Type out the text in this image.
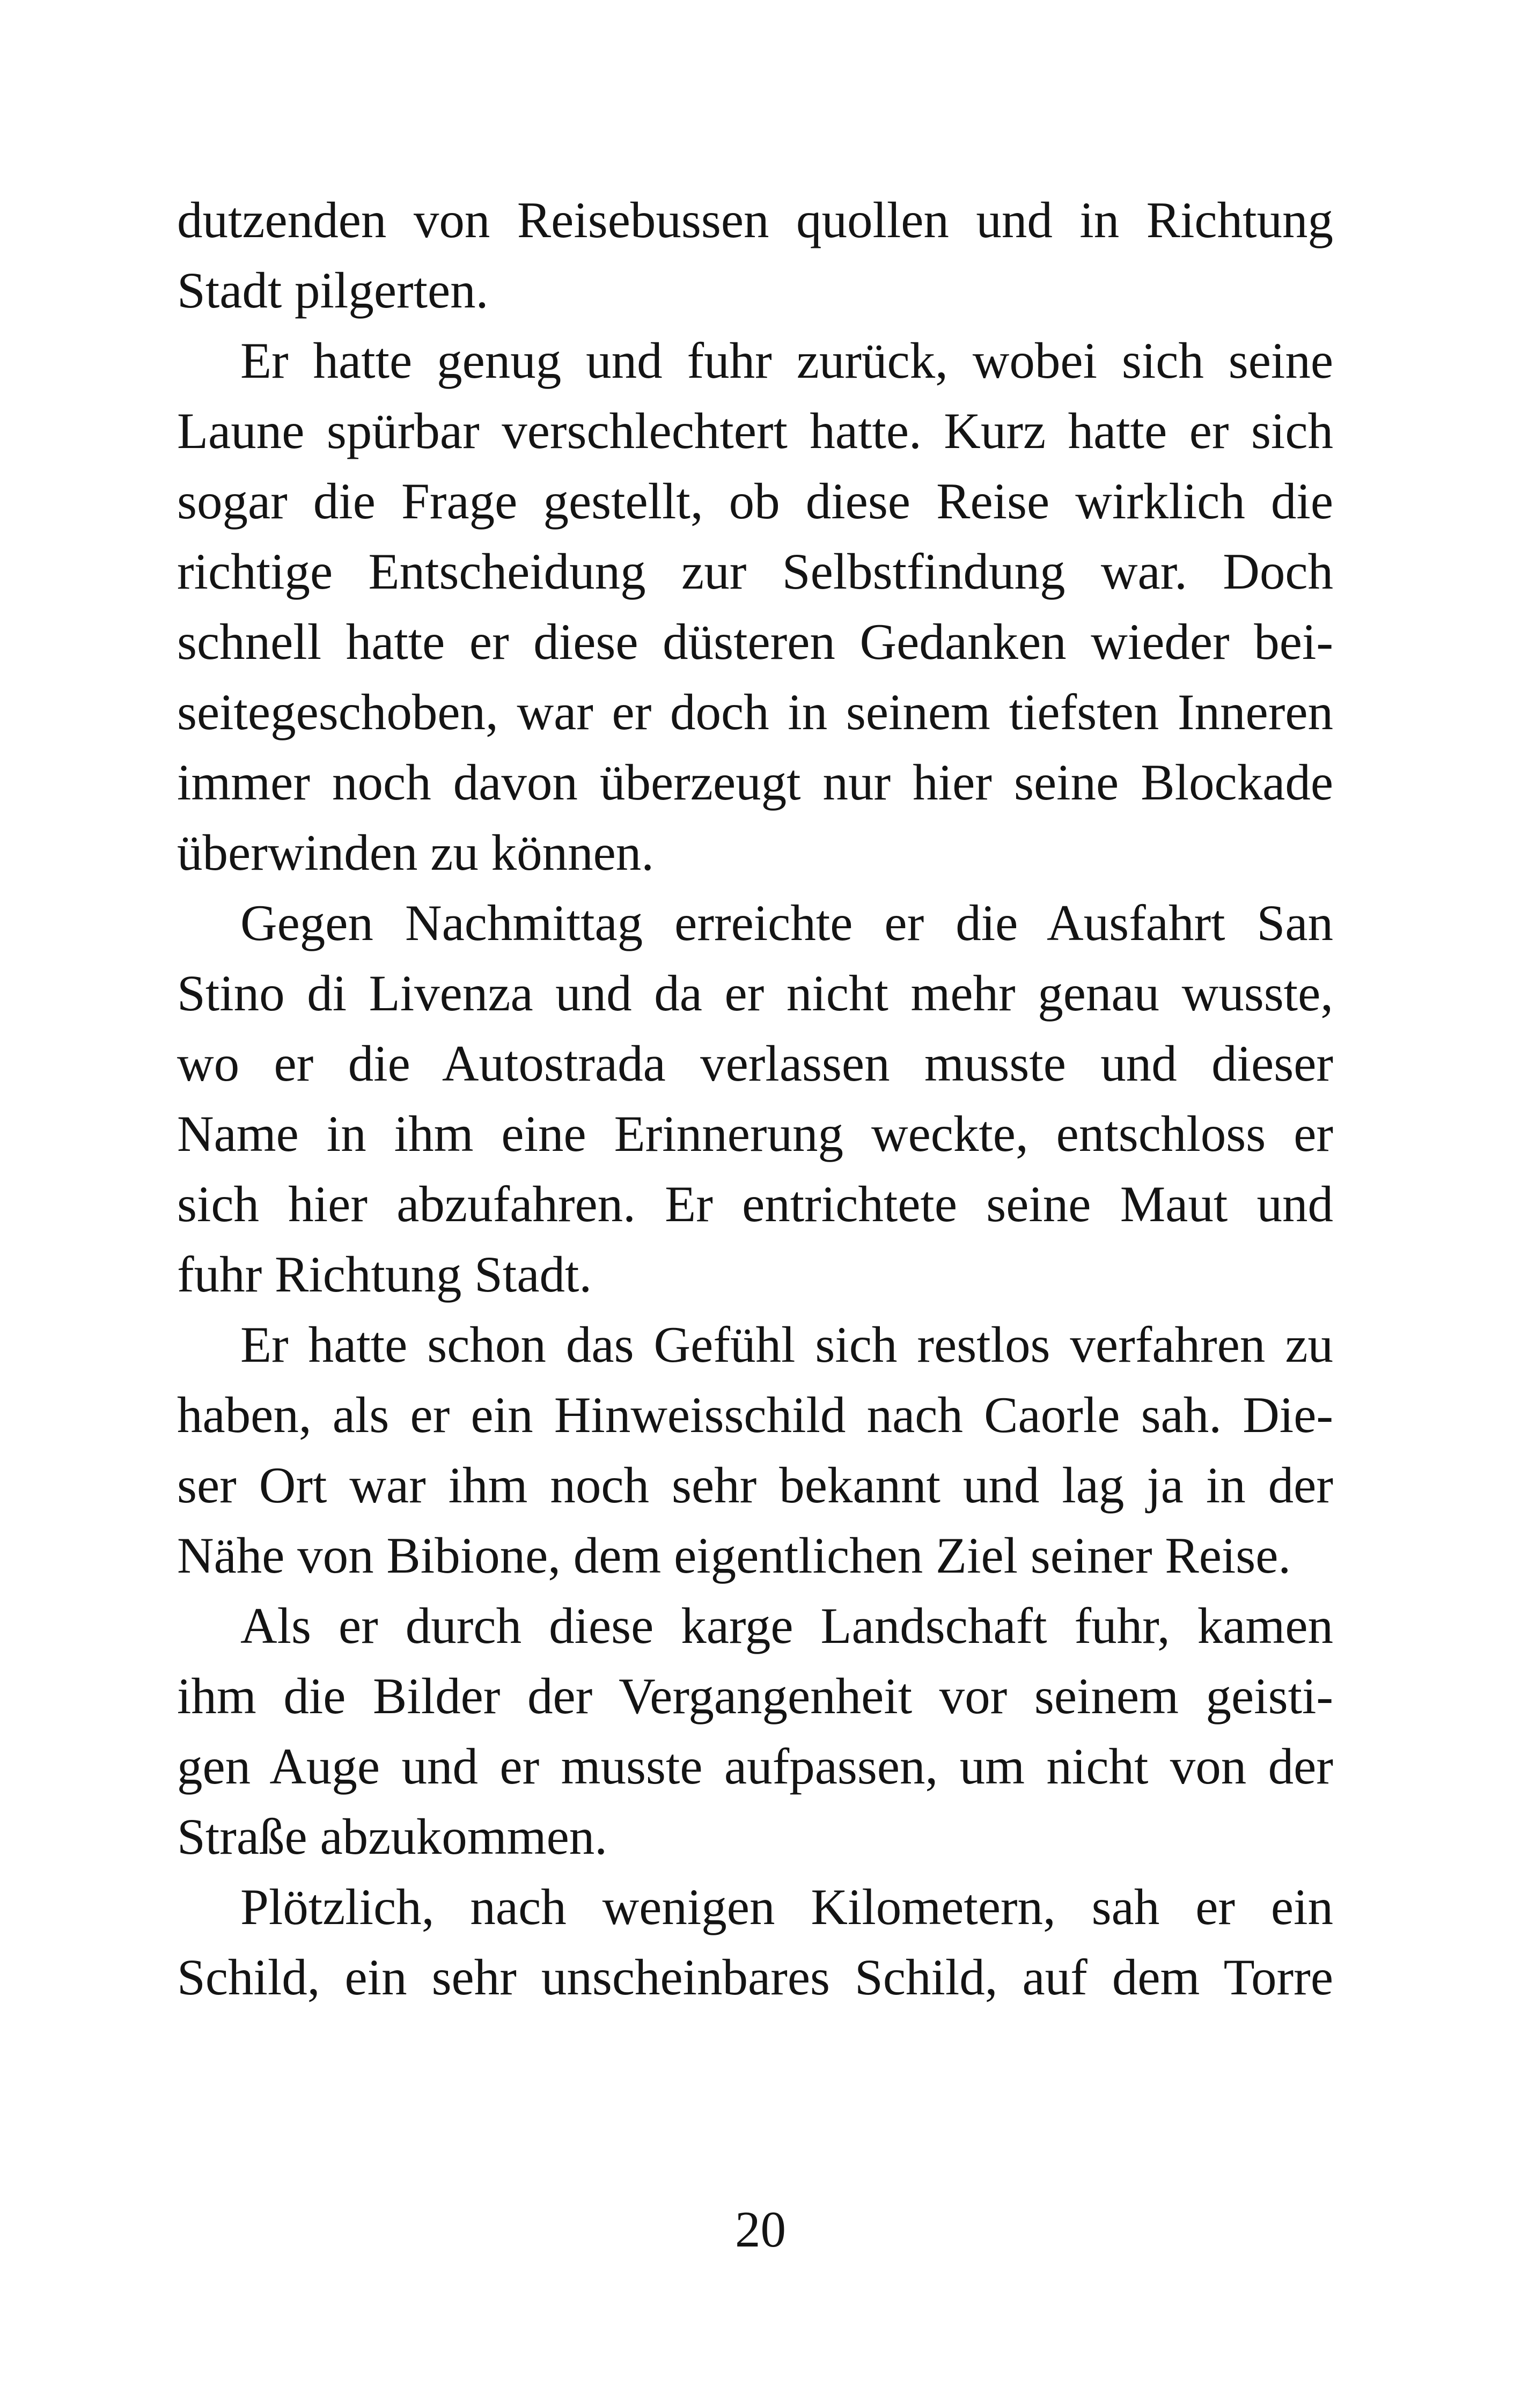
dutzenden von Reisebussen quollen und in Richtung
Stadt pilgerten.
Er hatte genug und fuhr zurück, wobei sich seine
Laune spürbar verschlechtert hatte. Kurz hatte er sich
sogar die Frage gestellt, ob diese Reise wirklich die
richtige Entscheidung zur Selbstfindung war. Doch
schnell hatte er diese düsteren Gedanken wieder bei-
seitegeschoben, war er doch in seinem tiefsten Inneren
immer noch davon überzeugt nur hier seine Blockade
überwinden zu können.
Gegen Nachmittag erreichte er die Ausfahrt San
Stino di Livenza und da er nicht mehr genau wusste,
wo er die Autostrada verlassen musste und dieser
Name in ihm eine Erinnerung weckte, entschloss er
sich hier abzufahren. Er entrichtete seine Maut und
fuhr Richtung Stadt.
Er hatte schon das Gefühl sich restlos verfahren zu
haben, als er ein Hinweisschild nach Caorle sah. Die-
ser Ort war ihm noch sehr bekannt und lag ja in der
Nähe von Bibione, dem eigentlichen Ziel seiner Reise.
Als er durch diese karge Landschaft fuhr, kamen
ihm die Bilder der Vergangenheit vor seinem geisti-
gen Auge und er musste aufpassen, um nicht von der
Straße abzukommen.
Plötzlich, nach wenigen Kilometern, sah er ein
Schild, ein sehr unscheinbares Schild, auf dem Torre
20
